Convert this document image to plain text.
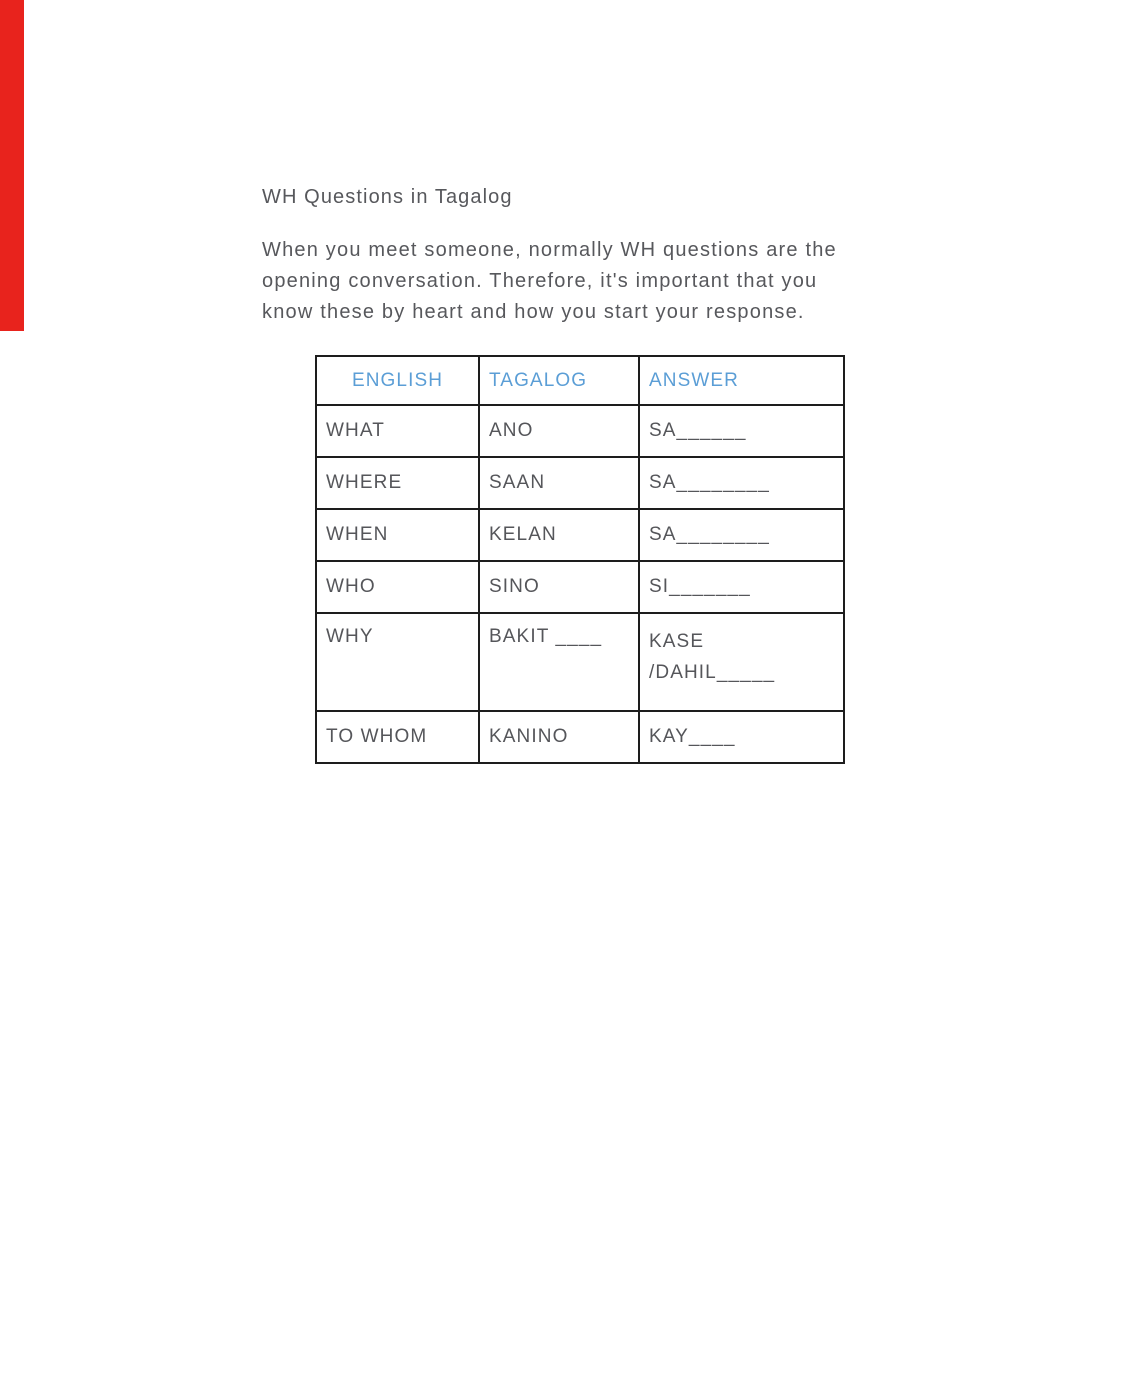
WH Questions in Tagalog
When you meet someone, normally WH questions are the
opening conversation. Therefore, it's important that you
know these by heart and how you start your response.
ENGLISH	TAGALOG	ANSWER
WHAT	ANO	SA______
WHERE	SAAN	SA________
WHEN	KELAN	SA________
WHO	SINO	SI_______
WHY	BAKIT ____	KASE
/DAHIL_____

TO WHOM	KANINO	KAY____
